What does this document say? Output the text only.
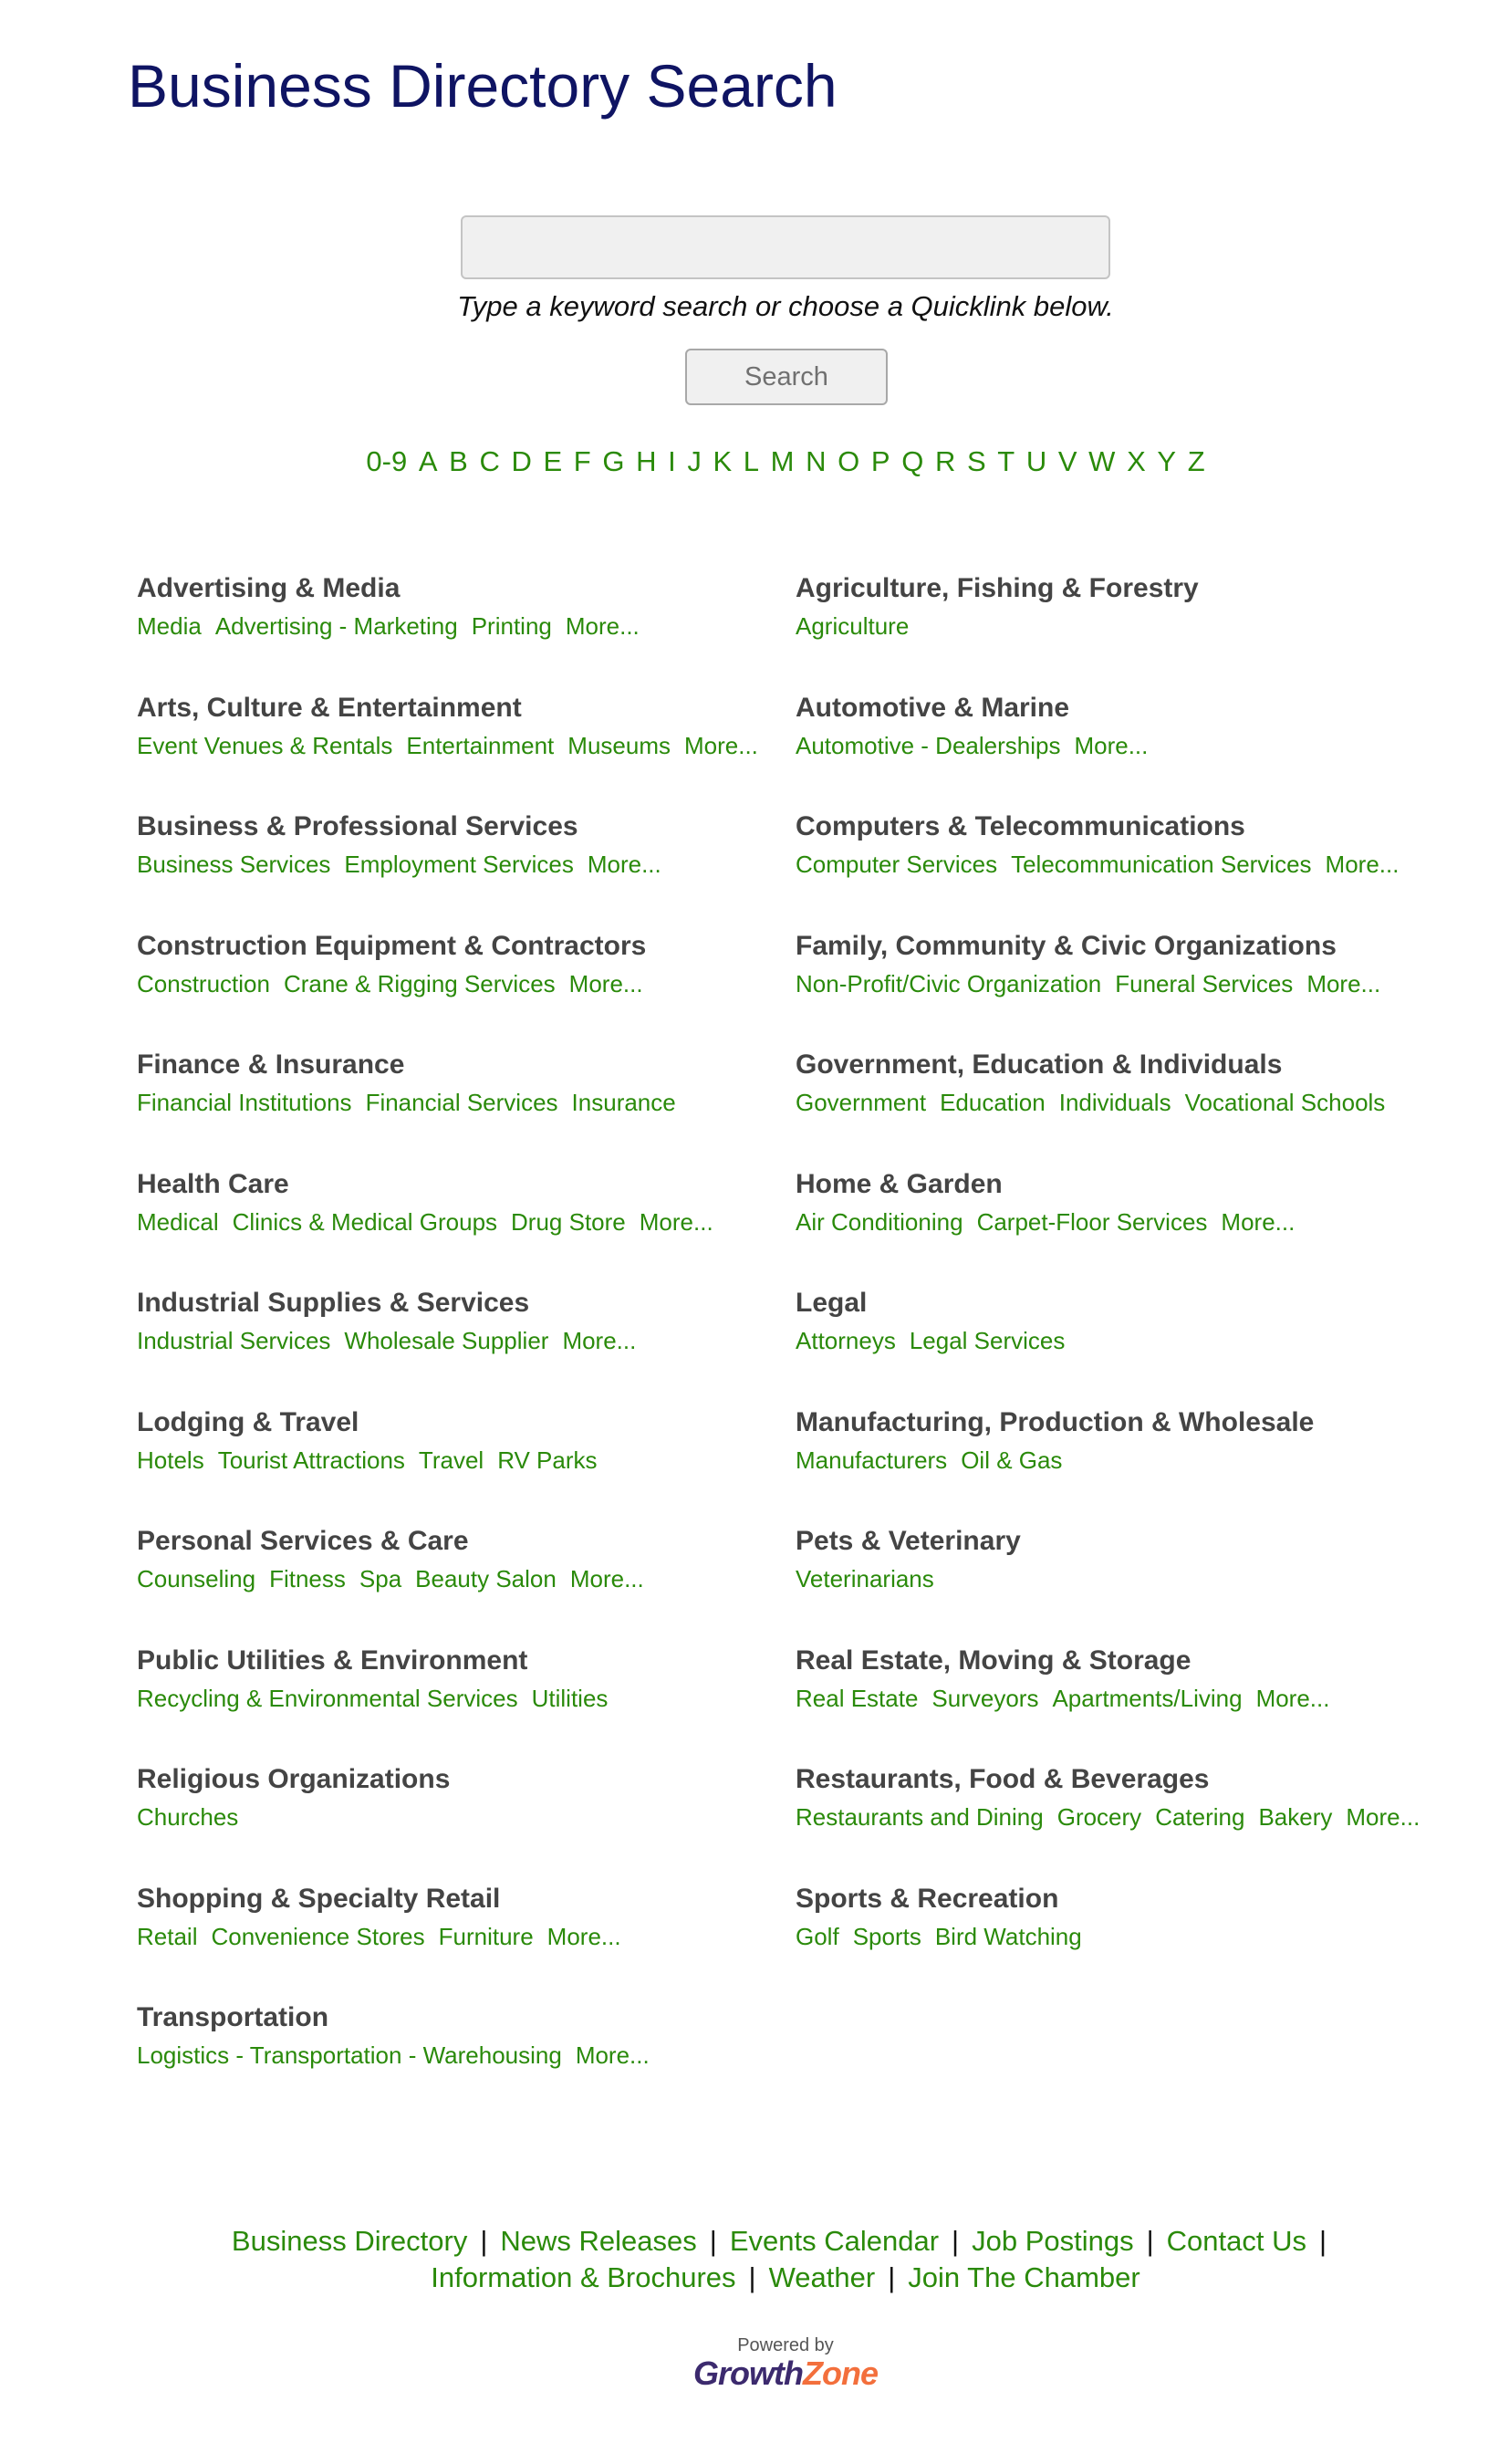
Business Directory Search
Type a keyword search or choose a Quicklink below.
Search
0-9 A B C D E F G H I J K L M N O P Q R S T U V W X Y Z
Advertising & Media
Media Advertising - Marketing Printing More...
Agriculture, Fishing & Forestry
Agriculture
Arts, Culture & Entertainment
Event Venues & Rentals Entertainment Museums More...
Automotive & Marine
Automotive - Dealerships More...
Business & Professional Services
Business Services Employment Services More...
Computers & Telecommunications
Computer Services Telecommunication Services More...
Construction Equipment & Contractors
Construction Crane & Rigging Services More...
Family, Community & Civic Organizations
Non-Profit/Civic Organization Funeral Services More...
Finance & Insurance
Financial Institutions Financial Services Insurance
Government, Education & Individuals
Government Education Individuals Vocational Schools
Health Care
Medical Clinics & Medical Groups Drug Store More...
Home & Garden
Air Conditioning Carpet-Floor Services More...
Industrial Supplies & Services
Industrial Services Wholesale Supplier More...
Legal
Attorneys Legal Services
Lodging & Travel
Hotels Tourist Attractions Travel RV Parks
Manufacturing, Production & Wholesale
Manufacturers Oil & Gas
Personal Services & Care
Counseling Fitness Spa Beauty Salon More...
Pets & Veterinary
Veterinarians
Public Utilities & Environment
Recycling & Environmental Services Utilities
Real Estate, Moving & Storage
Real Estate Surveyors Apartments/Living More...
Religious Organizations
Churches
Restaurants, Food & Beverages
Restaurants and Dining Grocery Catering Bakery More...
Shopping & Specialty Retail
Retail Convenience Stores Furniture More...
Sports & Recreation
Golf Sports Bird Watching
Transportation
Logistics - Transportation - Warehousing More...
Business Directory | News Releases | Events Calendar | Job Postings | Contact Us |
Information & Brochures | Weather | Join The Chamber
Powered by
GrowthZone
